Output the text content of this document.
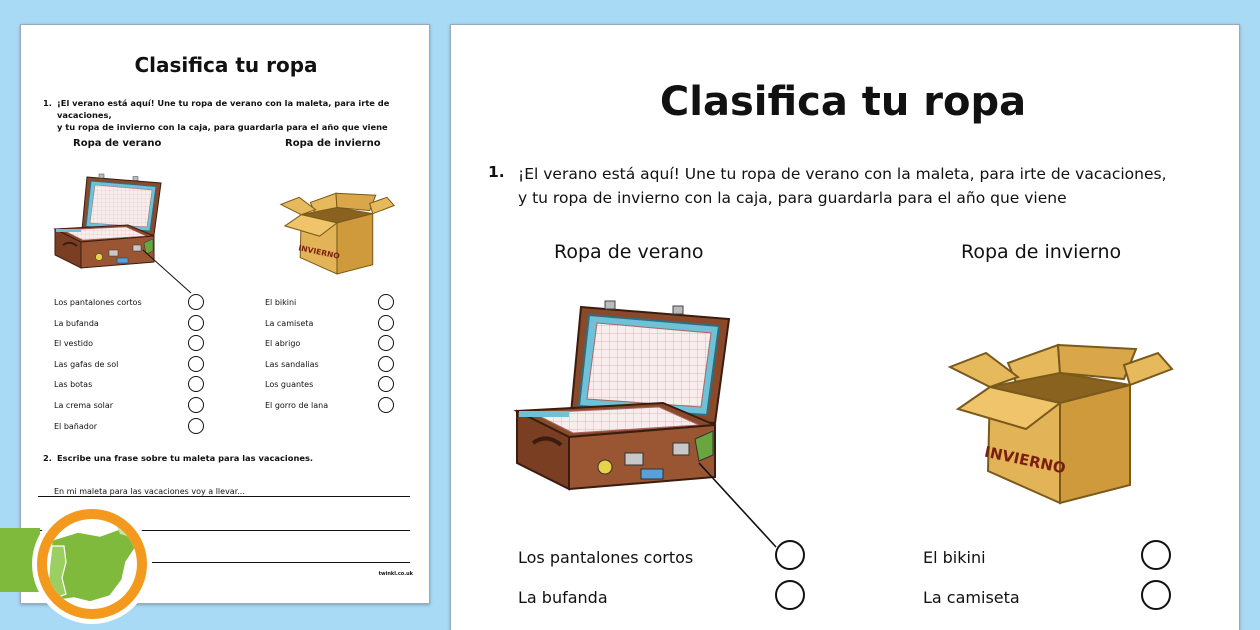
Clasifica tu ropa
1. ¡El verano está aquí! Une tu ropa de verano con la maleta, para irte de vacaciones,
y tu ropa de invierno con la caja, para guardarla para el año que viene
Ropa de verano	Ropa de invierno
Los pantalones cortos
La bufanda
El vestido
Las gafas de sol
Las botas
La crema solar
El bañador
El bikini
La camiseta
El abrigo
Las sandalias
Los guantes
El gorro de lana
2. Escribe una frase sobre tu maleta para las vacaciones.
En mi maleta para las vacaciones voy a llevar...
twinkl.co.uk
Clasifica tu ropa
1. ¡El verano está aquí! Une tu ropa de verano con la maleta, para irte de vacaciones,
y tu ropa de invierno con la caja, para guardarla para el año que viene
Ropa de verano	Ropa de invierno
Los pantalones cortos
La bufanda
El bikini
La camiseta
